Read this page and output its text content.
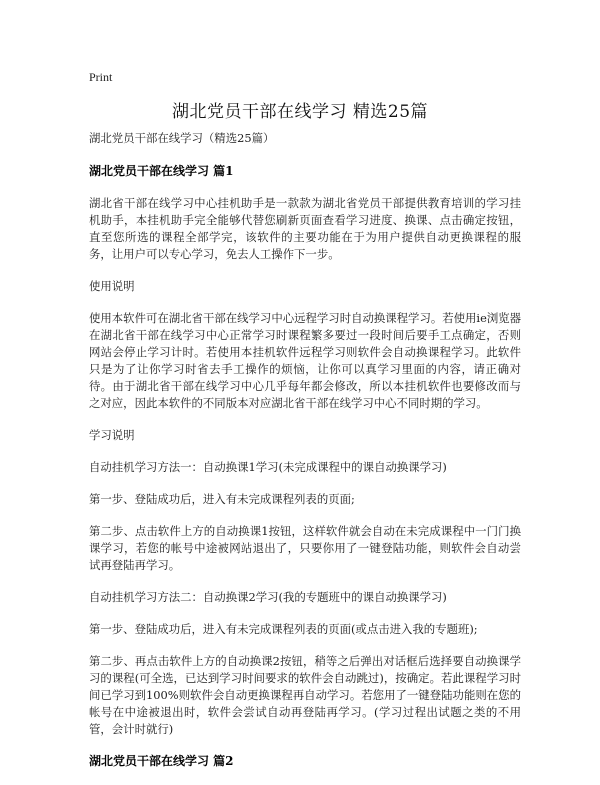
Print
湖北党员干部在线学习 精选25篇

湖北党员干部在线学习（精选25篇）

湖北党员干部在线学习 篇1

湖北省干部在线学习中心挂机助手是一款款为湖北省党员干部提供教育培训的学习挂机助手，本挂机助手完全能够代替您刷新页面查看学习进度、换课、点击确定按钮，直至您所选的课程全部学完，该软件的主要功能在于为用户提供自动更换课程的服务，让用户可以专心学习，免去人工操作下一步。

使用说明

使用本软件可在湖北省干部在线学习中心远程学习时自动换课程学习。若使用ie浏览器在湖北省干部在线学习中心正常学习时课程繁多要过一段时间后要手工点确定，否则网站会停止学习计时。若使用本挂机软件远程学习则软件会自动换课程学习。此软件只是为了让你学习时省去手工操作的烦恼，让你可以真学习里面的内容，请正确对待。由于湖北省干部在线学习中心几乎每年都会修改，所以本挂机软件也要修改而与之对应，因此本软件的不同版本对应湖北省干部在线学习中心不同时期的学习。

学习说明

自动挂机学习方法一：自动换课1学习(未完成课程中的课自动换课学习)

第一步、登陆成功后，进入有未完成课程列表的页面;

第二步、点击软件上方的自动换课1按钮，这样软件就会自动在未完成课程中一门门换课学习，若您的帐号中途被网站退出了，只要你用了一键登陆功能，则软件会自动尝试再登陆再学习。

自动挂机学习方法二：自动换课2学习(我的专题班中的课自动换课学习)

第一步、登陆成功后，进入有未完成课程列表的页面(或点击进入我的专题班);

第二步、再点击软件上方的自动换课2按钮，稍等之后弹出对话框后选择要自动换课学习的课程(可全选，已达到学习时间要求的软件会自动跳过)，按确定。若此课程学习时间已学习到100%则软件会自动更换课程再自动学习。若您用了一键登陆功能则在您的帐号在中途被退出时，软件会尝试自动再登陆再学习。(学习过程出试题之类的不用管，会计时就行)

湖北党员干部在线学习 篇2
